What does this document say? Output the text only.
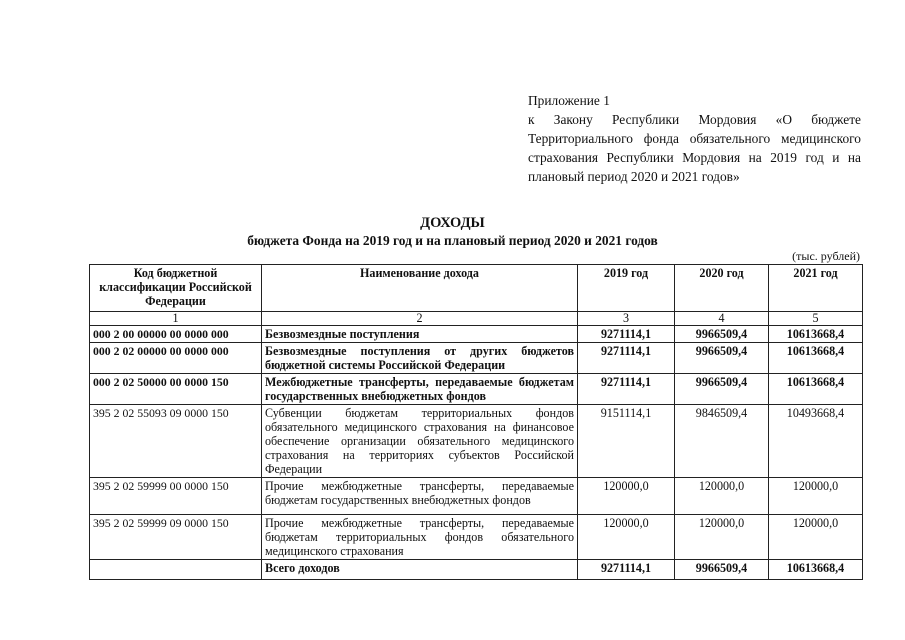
Приложение 1
к Закону Республики Мордовия «О бюджете Территориального фонда обязательного медицинского страхования Республики Мордовия на 2019 год и на плановый период 2020 и 2021 годов»
ДОХОДЫ
бюджета Фонда на 2019 год и на плановый период 2020 и 2021 годов
(тыс. рублей)
Код бюджетной классификации Российской Федерации	Наименование дохода	2019 год	2020 год	2021 год
1	2	3	4	5
000 2 00 00000 00 0000 000	Безвозмездные поступления	9271114,1	9966509,4	10613668,4
000 2 02 00000 00 0000 000	Безвозмездные поступления от других бюджетов бюджетной системы Российской Федерации	9271114,1	9966509,4	10613668,4
000 2 02 50000 00 0000 150	Межбюджетные трансферты, передаваемые бюджетам государственных внебюджетных фондов	9271114,1	9966509,4	10613668,4
395 2 02 55093 09 0000 150	Субвенции бюджетам территориальных фондов обязательного медицинского страхования на финансовое обеспечение организации обязательного медицинского страхования на территориях субъектов Российской Федерации	9151114,1	9846509,4	10493668,4
395 2 02 59999 00 0000 150	Прочие межбюджетные трансферты, передаваемые бюджетам государственных внебюджетных фондов	120000,0	120000,0	120000,0
395 2 02 59999 09 0000 150	Прочие межбюджетные трансферты, передаваемые бюджетам территориальных фондов обязательного медицинского страхования	120000,0	120000,0	120000,0
	Всего доходов	9271114,1	9966509,4	10613668,4
